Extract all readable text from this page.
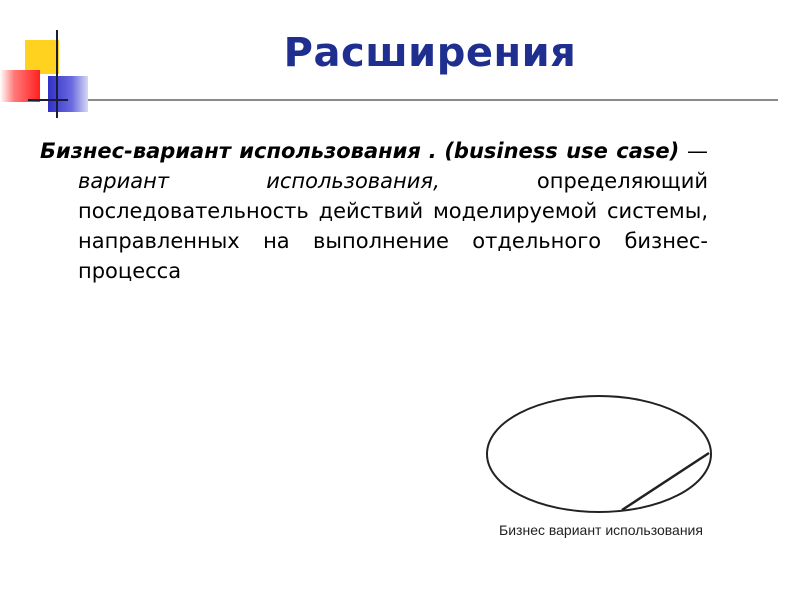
Расширения
Бизнес-вариант использования . (business use case) — вариант использования,	определяющий последовательность действий моделируемой системы, направленных на выполнение отдельного бизнес-процесса
Бизнес вариант использования
